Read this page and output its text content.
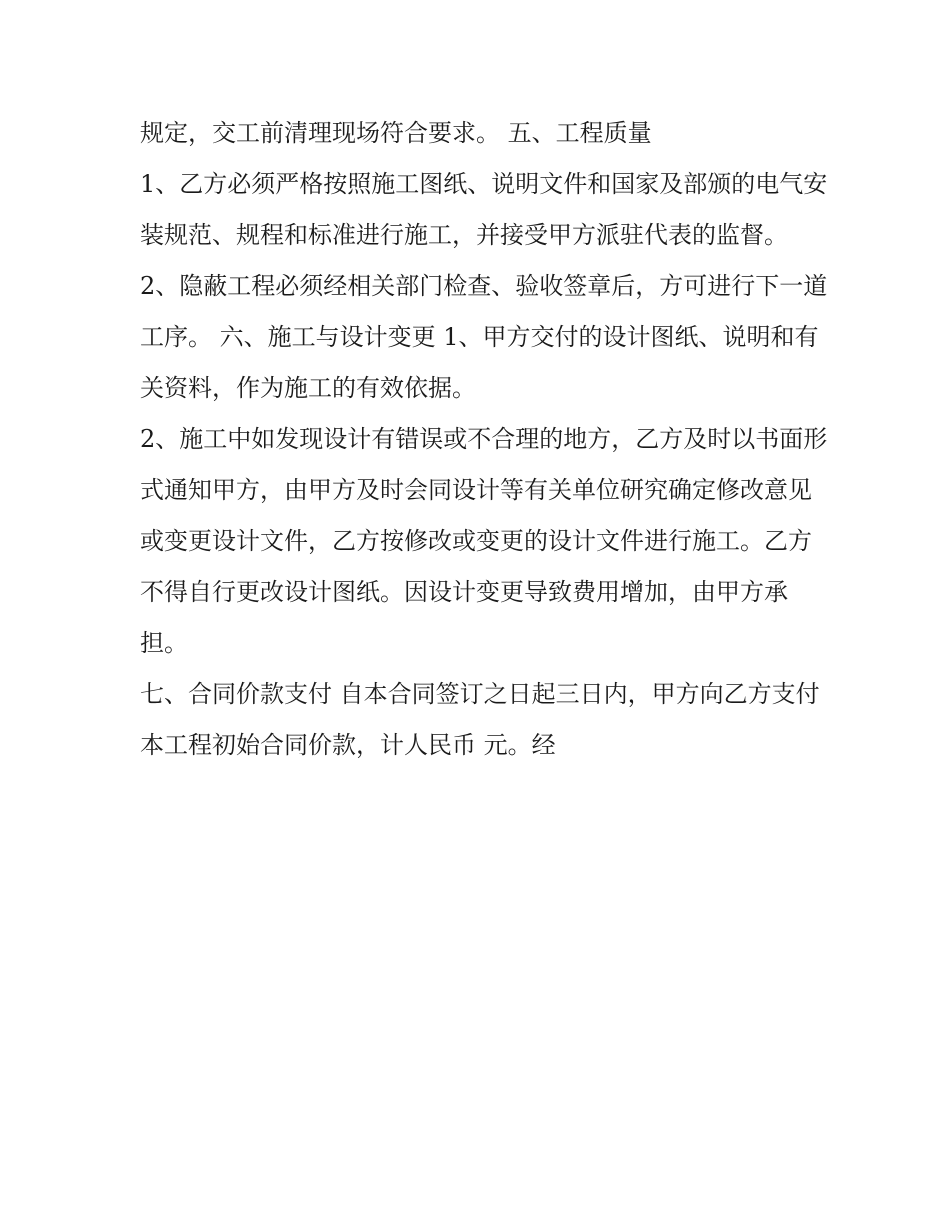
规定，交工前清理现场符合要求。 五、工程质量

1、乙方必须严格按照施工图纸、说明文件和国家及部颁的电气安装规范、规程和标准进行施工，并接受甲方派驻代表的监督。

2、隐蔽工程必须经相关部门检查、验收签章后，方可进行下一道工序。 六、施工与设计变更 1、甲方交付的设计图纸、说明和有关资料，作为施工的有效依据。

2、施工中如发现设计有错误或不合理的地方，乙方及时以书面形式通知甲方，由甲方及时会同设计等有关单位研究确定修改意见或变更设计文件，乙方按修改或变更的设计文件进行施工。乙方不得自行更改设计图纸。因设计变更导致费用增加，由甲方承担。

七、合同价款支付 自本合同签订之日起三日内，甲方向乙方支付本工程初始合同价款，计人民币 元。经
